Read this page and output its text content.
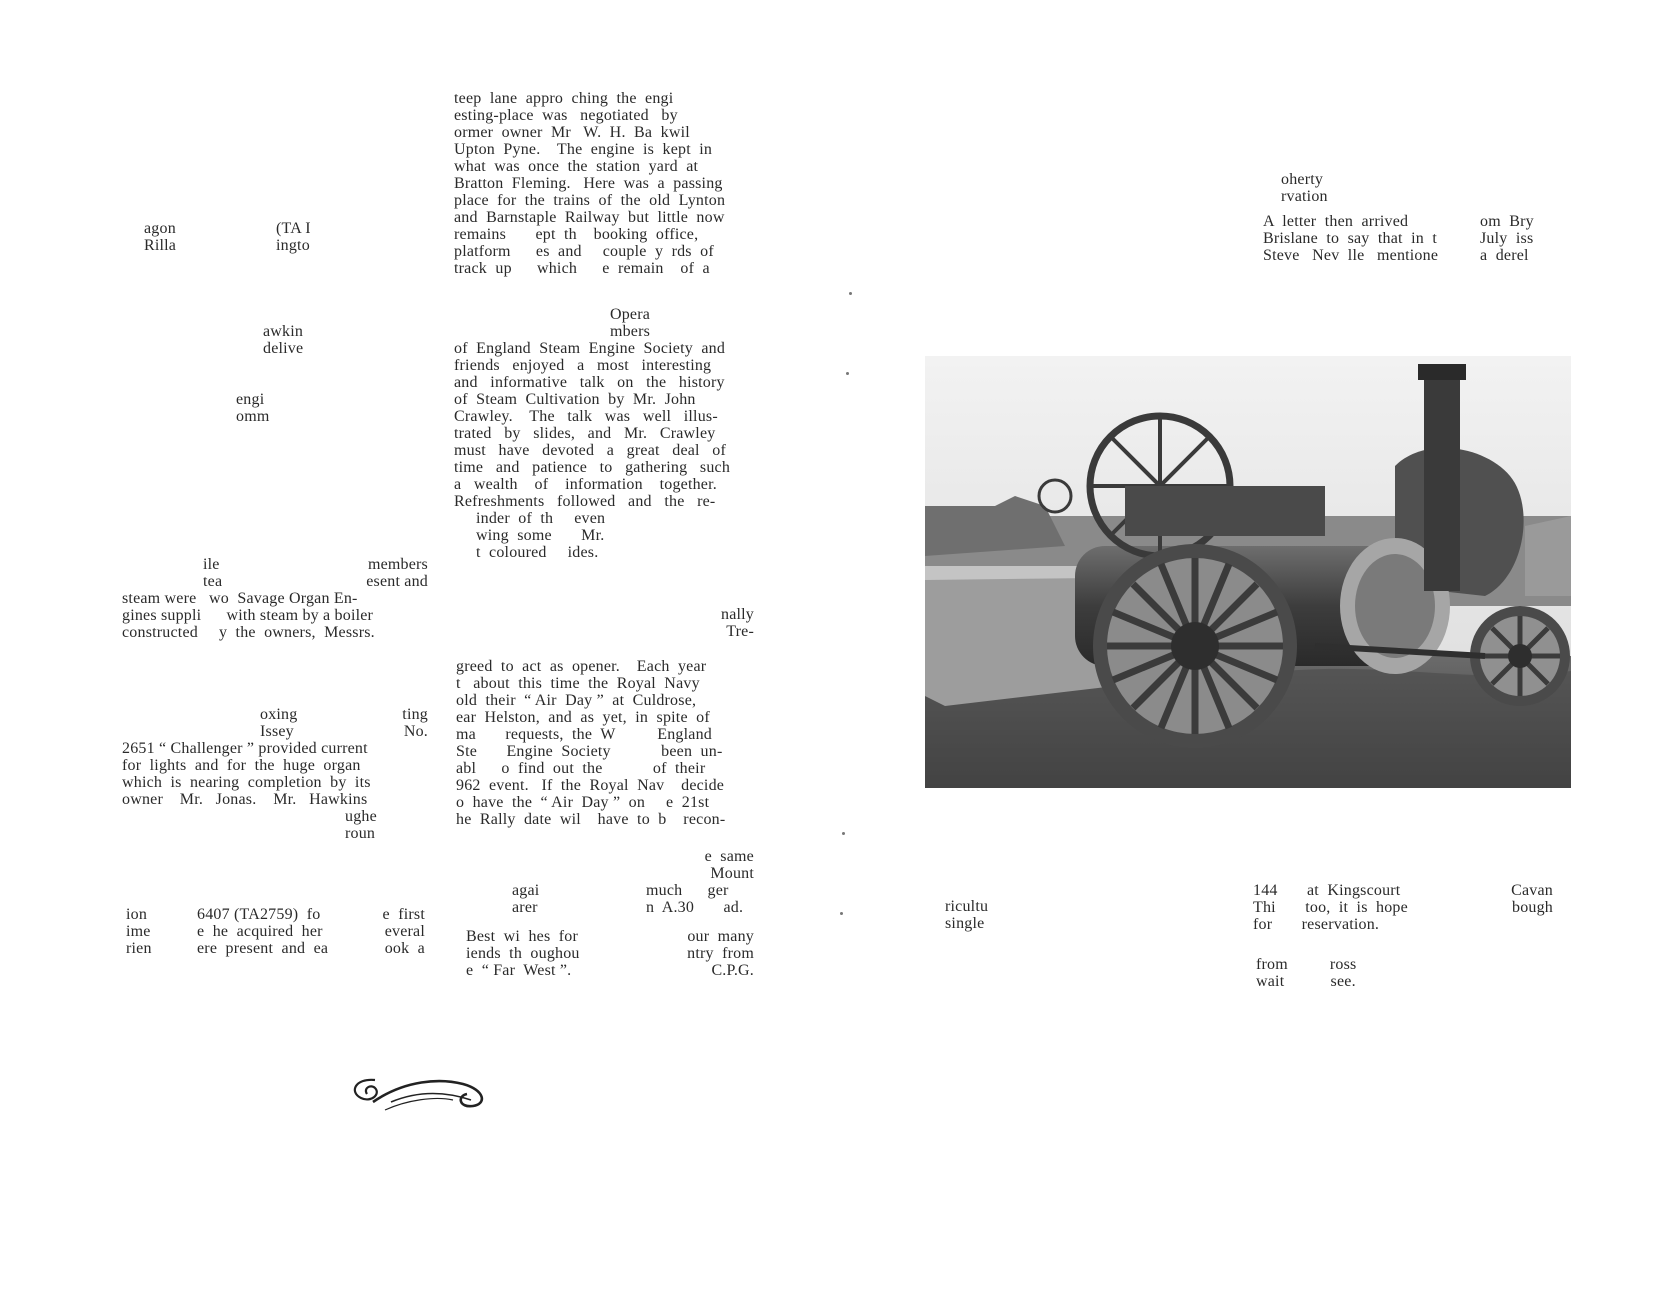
agon
Rilla
(TA I
ingto
awkin
delive
engi
omm
ile
tea
members
esent and
steam were   wo  Savage Organ En-
gines suppli      with steam by a boiler
constructed     y  the  owners,  Messrs.
oxing
Issey
ting
No.
2651 “ Challenger ” provided current
for  lights  and  for  the  huge  organ
which  is  nearing  completion  by  its
owner    Mr.   Jonas.    Mr.   Hawkins
ughe
roun
ion
ime
rien
6407 (TA2759)  fo
e  he  acquired  her
ere  present  and  ea
e  first
everal
ook  a
teep  lane  appro  ching  the  engi
esting-place  was   negotiated   by
ormer  owner  Mr   W.  H.  Ba  kwil
Upton  Pyne.    The  engine  is  kept  in
what  was  once  the  station  yard  at
Bratton  Fleming.   Here  was  a  passing
place  for  the  trains  of  the  old  Lynton
and  Barnstaple  Railway  but  little  now
remains       ept  th    booking  office,
platform      es  and     couple  y  rds  of
track  up      which      e  remain    of  a
Opera
mbers
of  England  Steam  Engine  Society  and
friends   enjoyed   a   most   interesting
and   informative   talk   on   the   history
of  Steam  Cultivation  by  Mr.  John
Crawley.    The   talk   was   well   illus-
trated   by   slides,   and   Mr.   Crawley
must   have   devoted   a   great   deal   of
time   and   patience   to   gathering   such
a   wealth    of    information    together.
Refreshments   followed   and   the   re-
inder  of  th     even
wing  some       Mr.
t  coloured     ides.
nally
Tre-
greed  to  act  as  opener.    Each  year
t   about  this  time  the  Royal  Navy
old  their  “ Air  Day ”  at  Culdrose,
ear  Helston,  and  as  yet,  in  spite  of
ma       requests,  the  W          England
Ste       Engine  Society            been  un-
abl      o  find  out  the            of  their
962  event.   If  the  Royal  Nav    decide
o  have  the  “ Air  Day ”  on     e  21st
he  Rally  date  wil    have  to  b    recon-
e  same
Mount
agai
arer
much      ger
n  A.30       ad.
Best  wi  hes  for
iends  th  oughou
e  “ Far  West ”.
our  many
ntry  from
C.P.G.
oherty
rvation
A  letter  then  arrived
Brislane  to  say  that  in  t
Steve   Nev  lle   mentione
om  Bry
July  iss
a  derel
ricultu
single
144       at  Kingscourt
Thi       too,  it  is  hope
for       reservation.
Cavan
bough
from          ross
wait           see.
